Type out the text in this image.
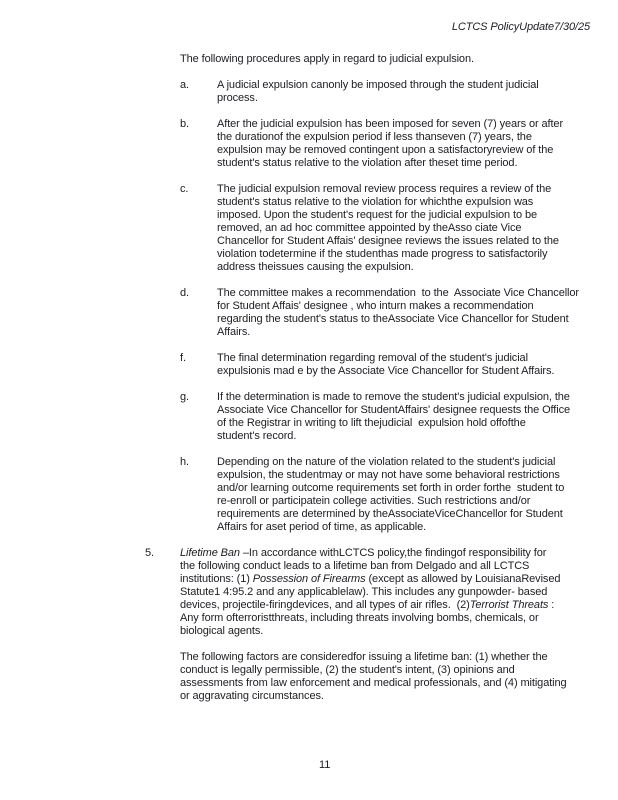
LCTCS PolicyUpdate7/30/25
The following procedures apply in regard to judicial expulsion.
a.	A judicial expulsion canonly be imposed through the student judicial
process.
b.	After the judicial expulsion has been imposed for seven (7) years or after
the durationof the expulsion period if less thanseven (7) years, the
expulsion may be removed contingent upon a satisfactoryreview of the
student's status relative to the violation after theset time period.
c.	The judicial expulsion removal review process requires a review of the
student's status relative to the violation for whichthe expulsion was
imposed. Upon the student's request for the judicial expulsion to be
removed, an ad hoc committee appointed by theAsso ciate Vice
Chancellor for Student Affais' designee reviews the issues related to the
violation todetermine if the studenthas made progress to satisfactorily
address theissues causing the expulsion.
d.	The committee makes a recommendation  to the  Associate Vice Chancellor
for Student Affais' designee , who inturn makes a recommendation
regarding the student's status to theAssociate Vice Chancellor for Student
Affairs.
f.	The final determination regarding removal of the student's judicial
expulsionis mad e by the Associate Vice Chancellor for Student Affairs.
g.	If the determination is made to remove the student's judicial expulsion, the
Associate Vice Chancellor for StudentAffairs' designee requests the Office
of the Registrar in writing to lift thejudicial  expulsion hold offofthe
student's record.
h.	Depending on the nature of the violation related to the student's judicial
expulsion, the studentmay or may not have some behavioral restrictions
and/or learning outcome requirements set forth in order forthe  student to
re-enroll or participatein college activities. Such restrictions and/or
requirements are determined by theAssociateViceChancellor for Student
Affairs for aset period of time, as applicable.
5.	Lifetime Ban –In accordance withLCTCS policy,the findingof responsibility for
the following conduct leads to a lifetime ban from Delgado and all LCTCS
institutions: (1) Possession of Firearms (except as allowed by LouisianaRevised
Statute1 4:95.2 and any applicablelaw). This includes any gunpowder- based
devices, projectile-firingdevices, and all types of air rifles.  (2)Terrorist Threats :
Any form ofterroristthreats, including threats involving bombs, chemicals, or
biological agents.
The following factors are consideredfor issuing a lifetime ban: (1) whether the
conduct is legally permissible, (2) the student's intent, (3) opinions and
assessments from law enforcement and medical professionals, and (4) mitigating
or aggravating circumstances.
11
